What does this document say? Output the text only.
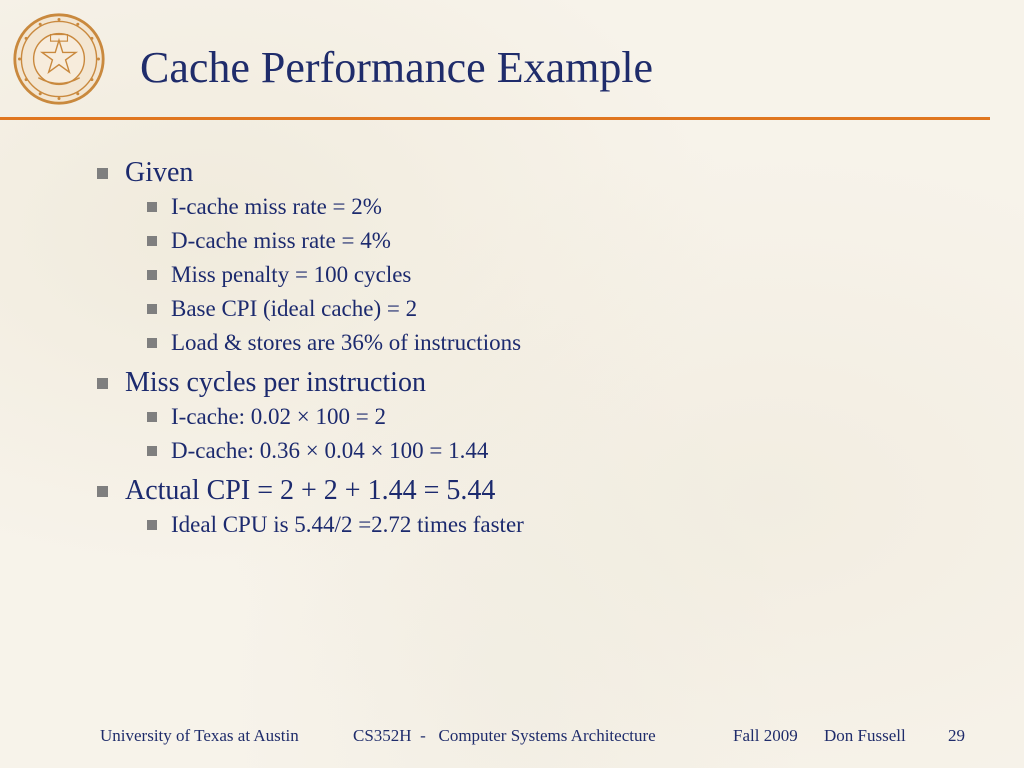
Cache Performance Example
Given
I-cache miss rate = 2%
D-cache miss rate = 4%
Miss penalty = 100 cycles
Base CPI (ideal cache) = 2
Load & stores are 36% of instructions
Miss cycles per instruction
I-cache: 0.02 × 100 = 2
D-cache: 0.36 × 0.04 × 100 = 1.44
Actual CPI = 2 + 2 + 1.44 = 5.44
Ideal CPU is 5.44/2 =2.72 times faster
University of Texas at Austin	CS352H  -   Computer Systems Architecture	Fall 2009 Don Fussell 29
